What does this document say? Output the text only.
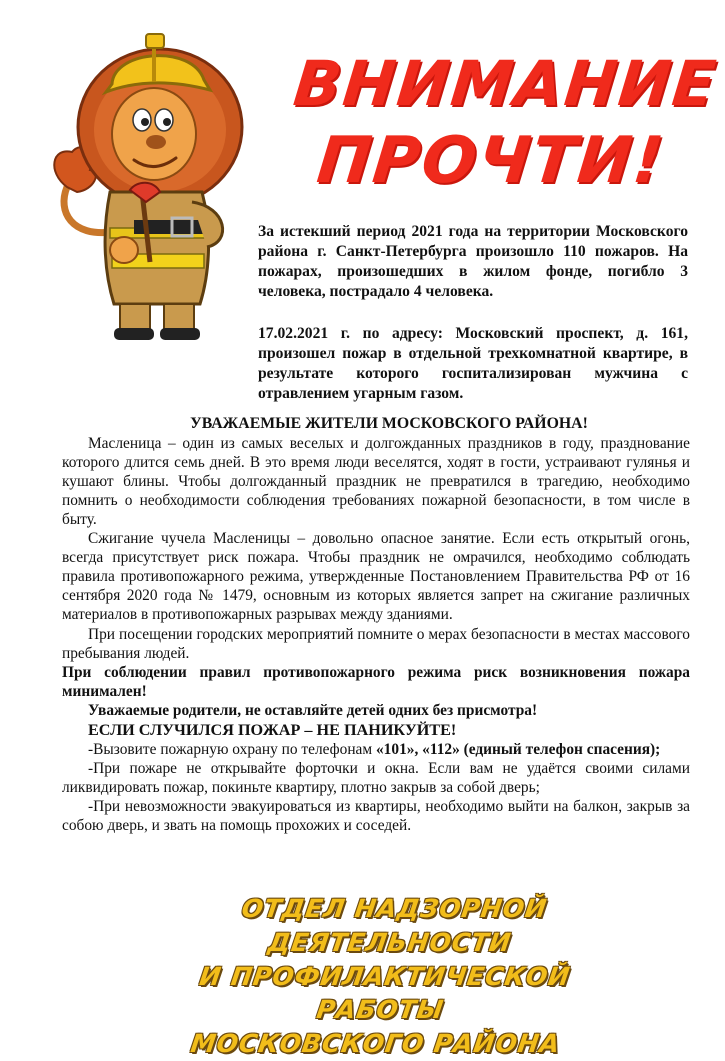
ВНИМАНИЕ
ПРОЧТИ!

За истекший период 2021 года на территории Московского района г. Санкт-Петербурга произошло 110 пожаров. На пожарах, произошедших в жилом фонде, погибло 3 человека, пострадало 4 человека.

17.02.2021 г. по адресу: Московский проспект, д. 161, произошел пожар в отдельной трехкомнатной квартире, в результате которого госпитализирован мужчина с отравлением угарным газом.

УВАЖАЕМЫЕ ЖИТЕЛИ МОСКОВСКОГО РАЙОНА!

Масленица – один из самых веселых и долгожданных праздников в году, празднование которого длится семь дней. В это время люди веселятся, ходят в гости, устраивают гулянья и кушают блины. Чтобы долгожданный праздник не превратился в трагедию, необходимо помнить о необходимости соблюдения требованиях пожарной безопасности, в том числе в быту.

Сжигание чучела Масленицы – довольно опасное занятие. Если есть открытый огонь, всегда присутствует риск пожара. Чтобы праздник не омрачился, необходимо соблюдать правила противопожарного режима, утвержденные Постановлением Правительства РФ от 16 сентября 2020 года № 1479, основным из которых является запрет на сжигание различных материалов в противопожарных разрывах между зданиями.

При посещении городских мероприятий помните о мерах безопасности в местах массового пребывания людей.

При соблюдении правил противопожарного режима риск возникновения пожара минимален!

Уважаемые родители, не оставляйте детей одних без присмотра!

ЕСЛИ СЛУЧИЛСЯ ПОЖАР – НЕ ПАНИКУЙТЕ!

-Вызовите пожарную охрану по телефонам «101», «112» (единый телефон спасения);

-При пожаре не открывайте форточки и окна. Если вам не удаётся своими силами ликвидировать пожар, покиньте квартиру, плотно закрыв за собой дверь;

-При невозможности эвакуироваться из квартиры, необходимо выйти на балкон, закрыв за собою дверь, и звать на помощь прохожих и соседей.

ОТДЕЛ НАДЗОРНОЙ ДЕЯТЕЛЬНОСТИ
И ПРОФИЛАКТИЧЕСКОЙ РАБОТЫ
МОСКОВСКОГО РАЙОНА
